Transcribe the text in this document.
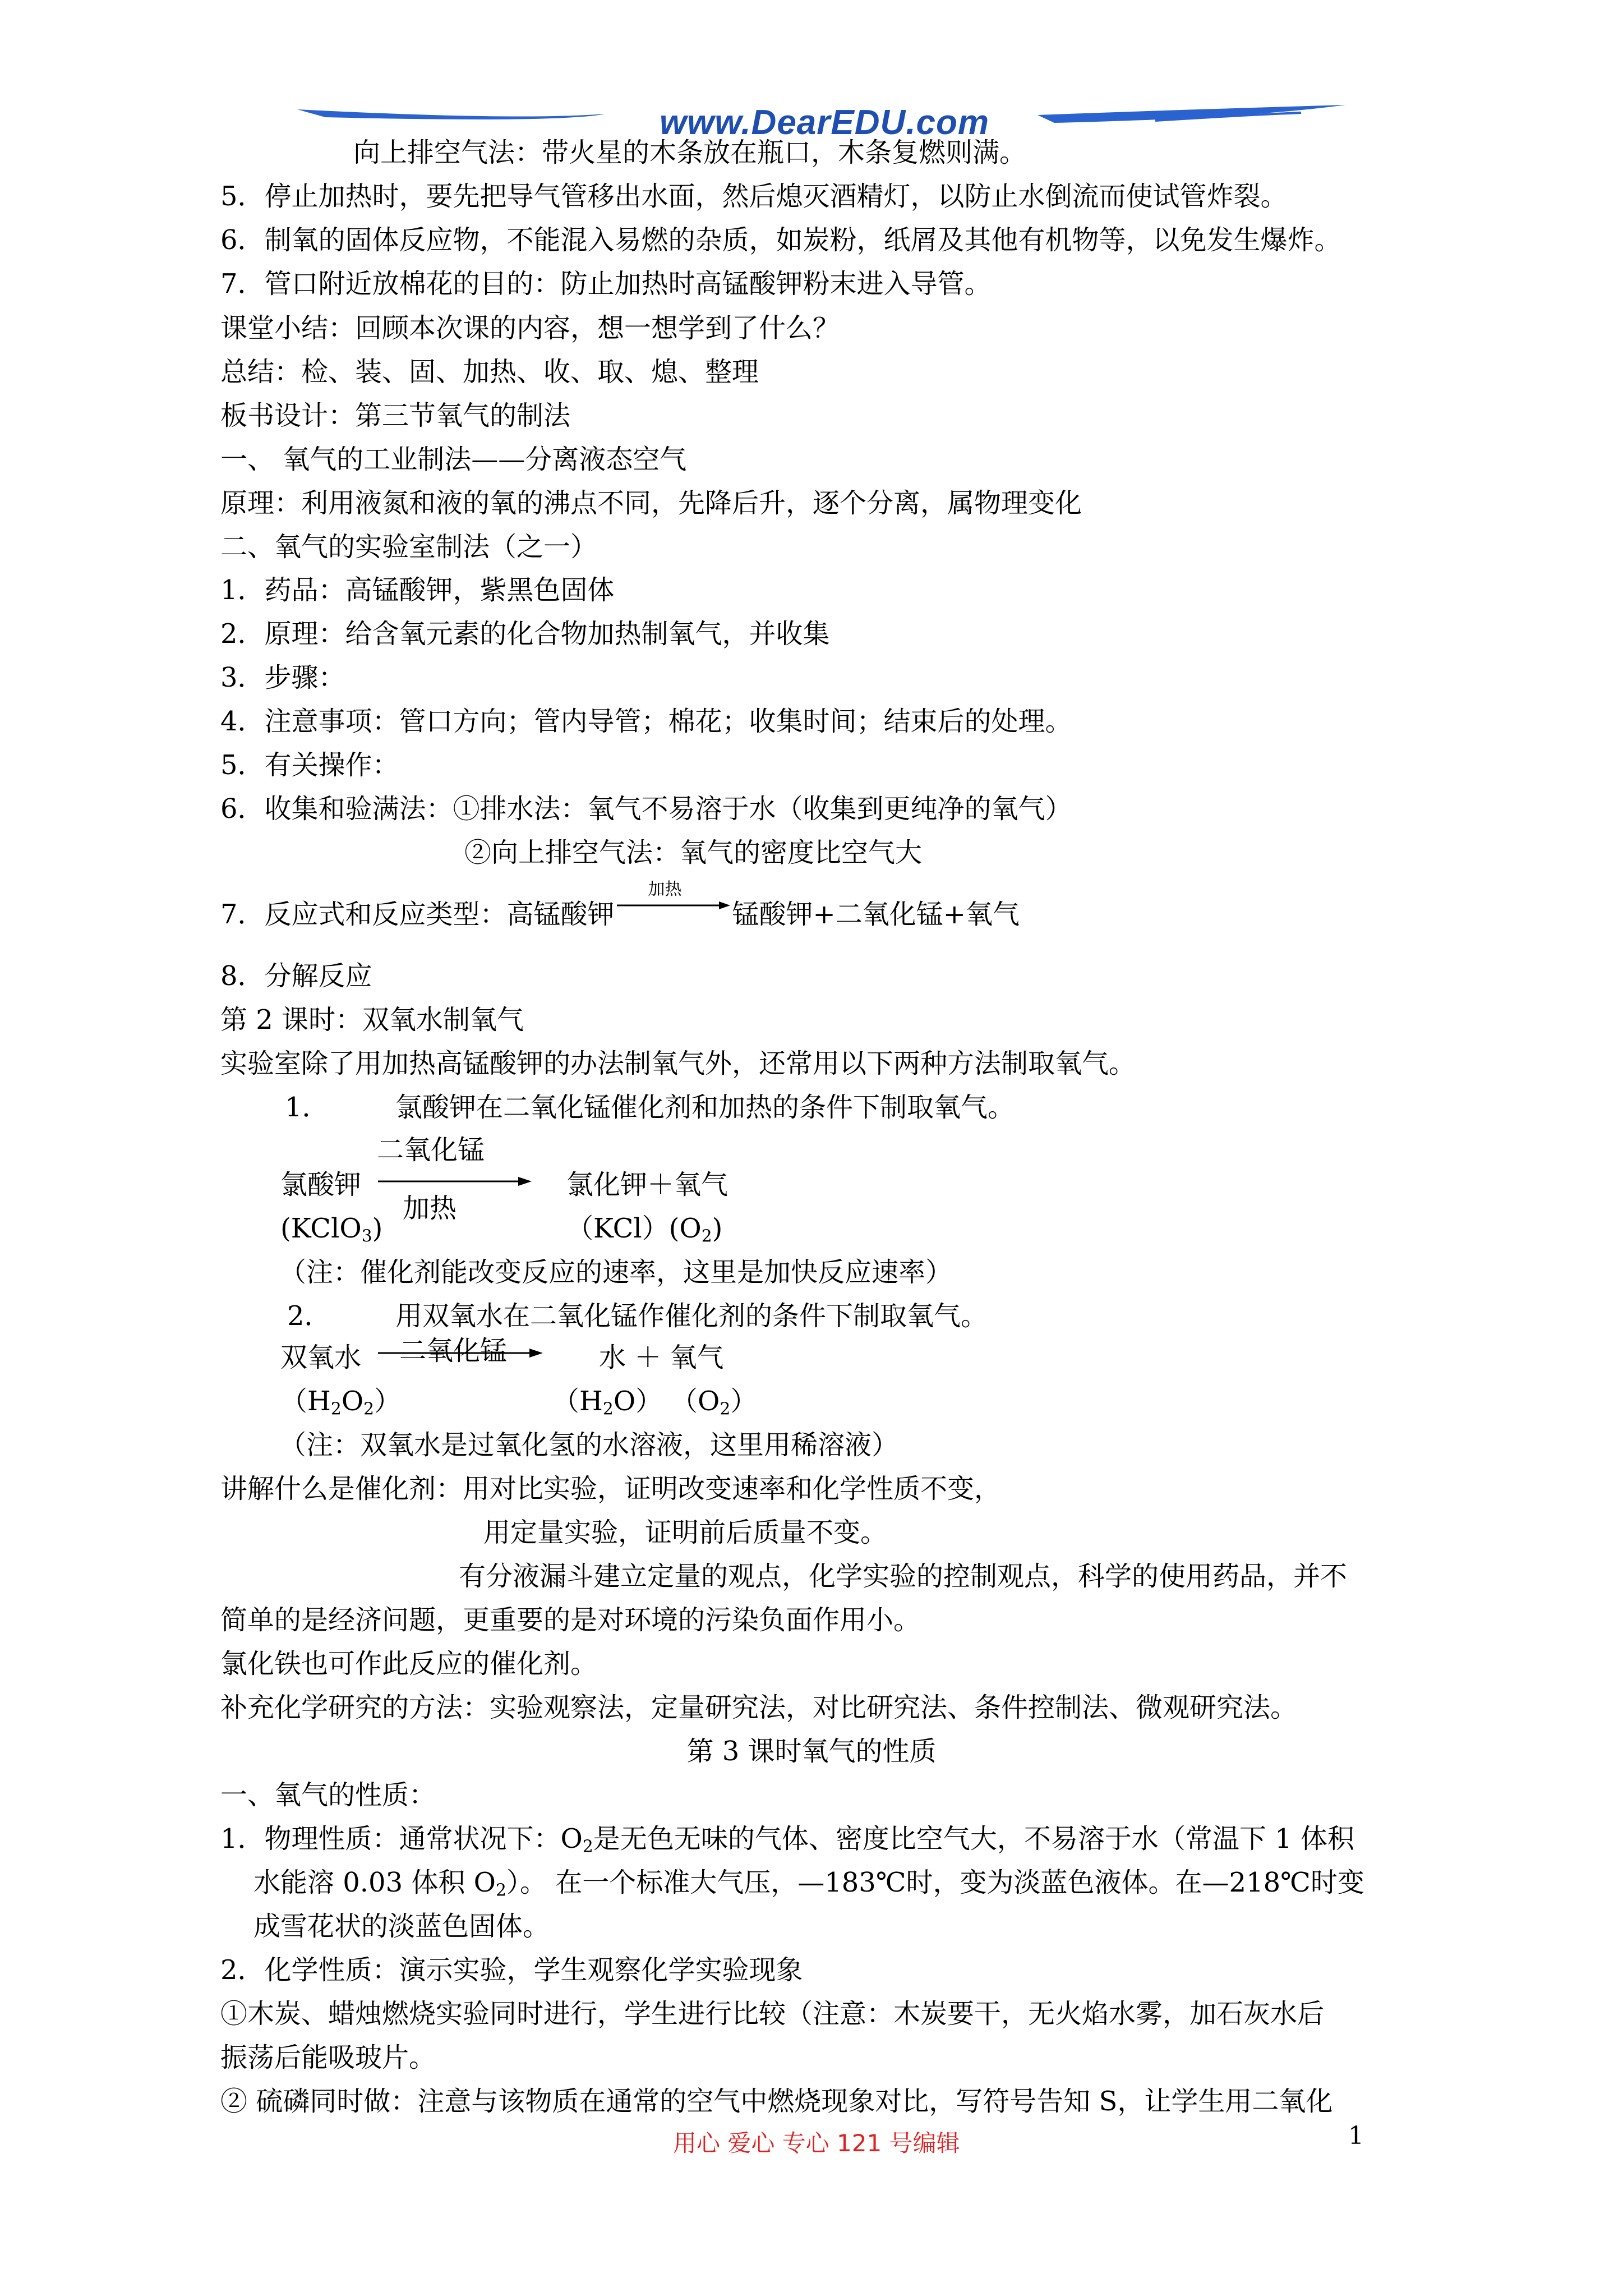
www.DearEDU.com
向上排空气法：带火星的木条放在瓶口，木条复燃则满。
5．停止加热时，要先把导气管移出水面，然后熄灭酒精灯，以防止水倒流而使试管炸裂。
6．制氧的固体反应物，不能混入易燃的杂质，如炭粉，纸屑及其他有机物等，以免发生爆炸。
7．管口附近放棉花的目的：防止加热时高锰酸钾粉末进入导管。
课堂小结：回顾本次课的内容，想一想学到了什么？
总结：检、装、固、加热、收、取、熄、整理
板书设计：第三节氧气的制法
一、 氧气的工业制法——分离液态空气
原理：利用液氮和液的氧的沸点不同，先降后升，逐个分离，属物理变化
二、氧气的实验室制法（之一）
1．药品：高锰酸钾，紫黑色固体
2．原理：给含氧元素的化合物加热制氧气，并收集
3．步骤：
4．注意事项：管口方向；管内导管；棉花；收集时间；结束后的处理。
5．有关操作：
6．收集和验满法：①排水法：氧气不易溶于水（收集到更纯净的氧气）
②向上排空气法：氧气的密度比空气大
7．反应式和反应类型：高锰酸钾
加热
锰酸钾+二氧化锰+氧气
8．分解反应
第 2 课时：双氧水制氧气
实验室除了用加热高锰酸钾的办法制氧气外，还常用以下两种方法制取氧气。
1． 氯酸钾在二氧化锰催化剂和加热的条件下制取氧气。
氯酸钾
二氧化锰
加热
氯化钾＋氧气
(KClO$_3$)	$(KCl)(O_2)$
（注：催化剂能改变反应的速率，这里是加快反应速率）
2． 用双氧水在二氧化锰作催化剂的条件下制取氧气。
双氧水 二氧化锰	水 ＋ 氧气
$(H_2O_2)$	$(H_2O)$ $(O_2)$
（注：双氧水是过氧化氢的水溶液，这里用稀溶液）
讲解什么是催化剂：用对比实验，证明改变速率和化学性质不变，
用定量实验，证明前后质量不变。
有分液漏斗建立定量的观点，化学实验的控制观点，科学的使用药品，并不
简单的是经济问题，更重要的是对环境的污染负面作用小。
氯化铁也可作此反应的催化剂。
补充化学研究的方法：实验观察法，定量研究法，对比研究法、条件控制法、微观研究法。
第 3 课时氧气的性质
一、氧气的性质：
1．物理性质：通常状况下：$O_2$是无色无味的气体、密度比空气大，不易溶于水（常温下 1 体积
水能溶 0.03 体积 $O_2$）。 在一个标准大气压，—183℃时，变为淡蓝色液体。在—218℃时变
成雪花状的淡蓝色固体。
2．化学性质：演示实验，学生观察化学实验现象
①木炭、蜡烛燃烧实验同时进行，学生进行比较（注意：木炭要干，无火焰水雾，加石灰水后
振荡后能吸玻片。
② 硫磷同时做：注意与该物质在通常的空气中燃烧现象对比，写符号告知 S，让学生用二氧化
用心 爱心 专心 121 号编辑	1
